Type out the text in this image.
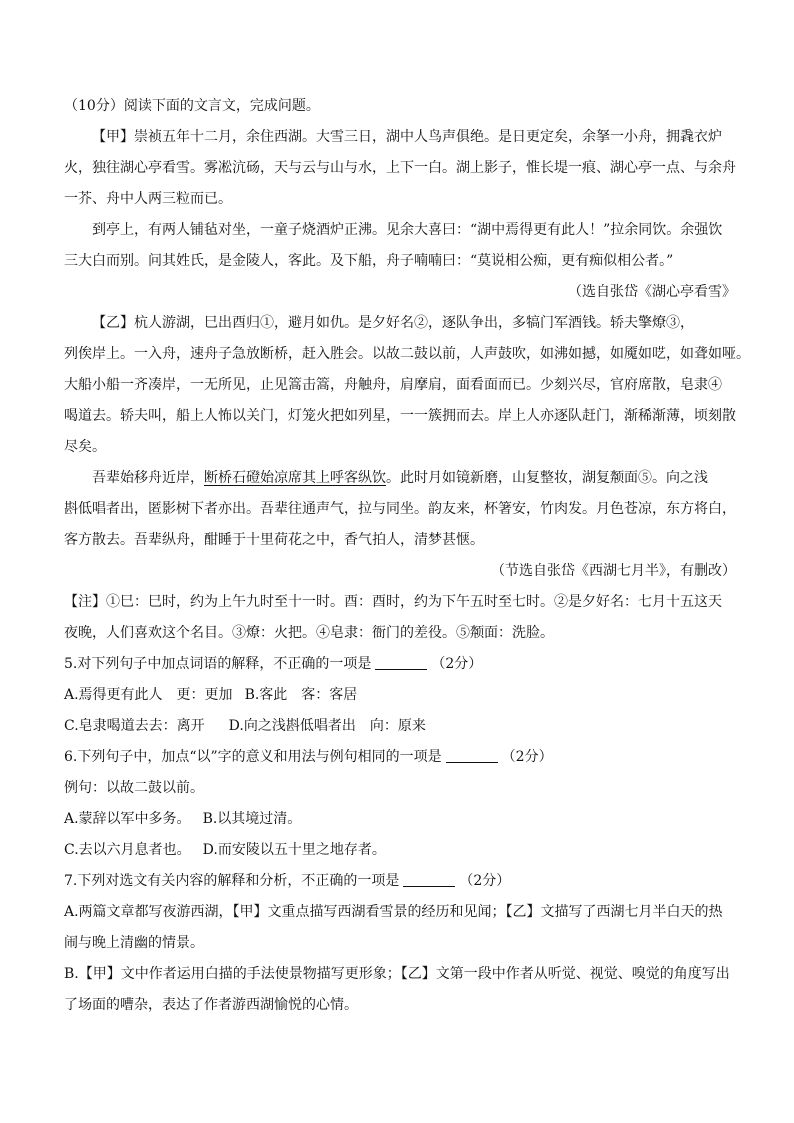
（10分）阅读下面的文言文，完成问题。

【甲】崇祯五年十二月，余住西湖。大雪三日，湖中人鸟声俱绝。是日更定矣，余拏一小舟，拥毳衣炉

火，独往湖心亭看雪。雾凇沆砀，天与云与山与水，上下一白。湖上影子，惟长堤一痕、湖心亭一点、与余舟

一芥、舟中人两三粒而已。

到亭上，有两人铺毡对坐，一童子烧酒炉正沸。见余大喜曰：“湖中焉得更有此人！”拉余同饮。余强饮

三大白而别。问其姓氏，是金陵人，客此。及下船，舟子喃喃曰：“莫说相公痴，更有痴似相公者。”

（选自张岱《湖心亭看雪》

【乙】杭人游湖，巳出酉归①，避月如仇。是夕好名②，逐队争出，多犒门军酒钱。轿夫擎燎③，

列俟岸上。一入舟，速舟子急放断桥，赶入胜会。以故二鼓以前，人声鼓吹，如沸如撼，如魇如呓，如聋如哑。

大船小船一齐凑岸，一无所见，止见篙击篙，舟触舟，肩摩肩，面看面而已。少刻兴尽，官府席散，皂隶④

喝道去。轿夫叫，船上人怖以关门，灯笼火把如列星，一一簇拥而去。岸上人亦逐队赶门，渐稀渐薄，顷刻散

尽矣。

吾辈始移舟近岸，断桥石磴始凉席其上呼客纵饮。此时月如镜新磨，山复整妆，湖复颒面⑤。向之浅

斟低唱者出，匿影树下者亦出。吾辈往通声气，拉与同坐。韵友来，杯箸安，竹肉发。月色苍凉，东方将白，

客方散去。吾辈纵舟，酣睡于十里荷花之中，香气拍人，清梦甚惬。

（节选自张岱《西湖七月半》，有删改）

【注】①巳：巳时，约为上午九时至十一时。酉：酉时，约为下午五时至七时。②是夕好名：七月十五这天

夜晚，人们喜欢这个名目。③燎：火把。④皂隶：衙门的差役。⑤颒面：洗脸。

5.对下列句子中加点词语的解释，不正确的一项是	（2分）

A.焉得更有此人　更：更加 B.客此　客：客居

C.皂隶喝道去去：离开 D.向之浅斟低唱者出　向：原来

6.下列句子中，加点“以”字的意义和用法与例句相同的一项是	（2分）

例句：以故二鼓以前。

A.蒙辞以军中多务。 B.以其境过清。

C.去以六月息者也。 D.而安陵以五十里之地存者。

7.下列对选文有关内容的解释和分析，不正确的一项是	（2分）

A.两篇文章都写夜游西湖，【甲】文重点描写西湖看雪景的经历和见闻；【乙】文描写了西湖七月半白天的热

闹与晚上清幽的情景。

B.【甲】文中作者运用白描的手法使景物描写更形象；【乙】文第一段中作者从听觉、视觉、嗅觉的角度写出

了场面的嘈杂，表达了作者游西湖愉悦的心情。
